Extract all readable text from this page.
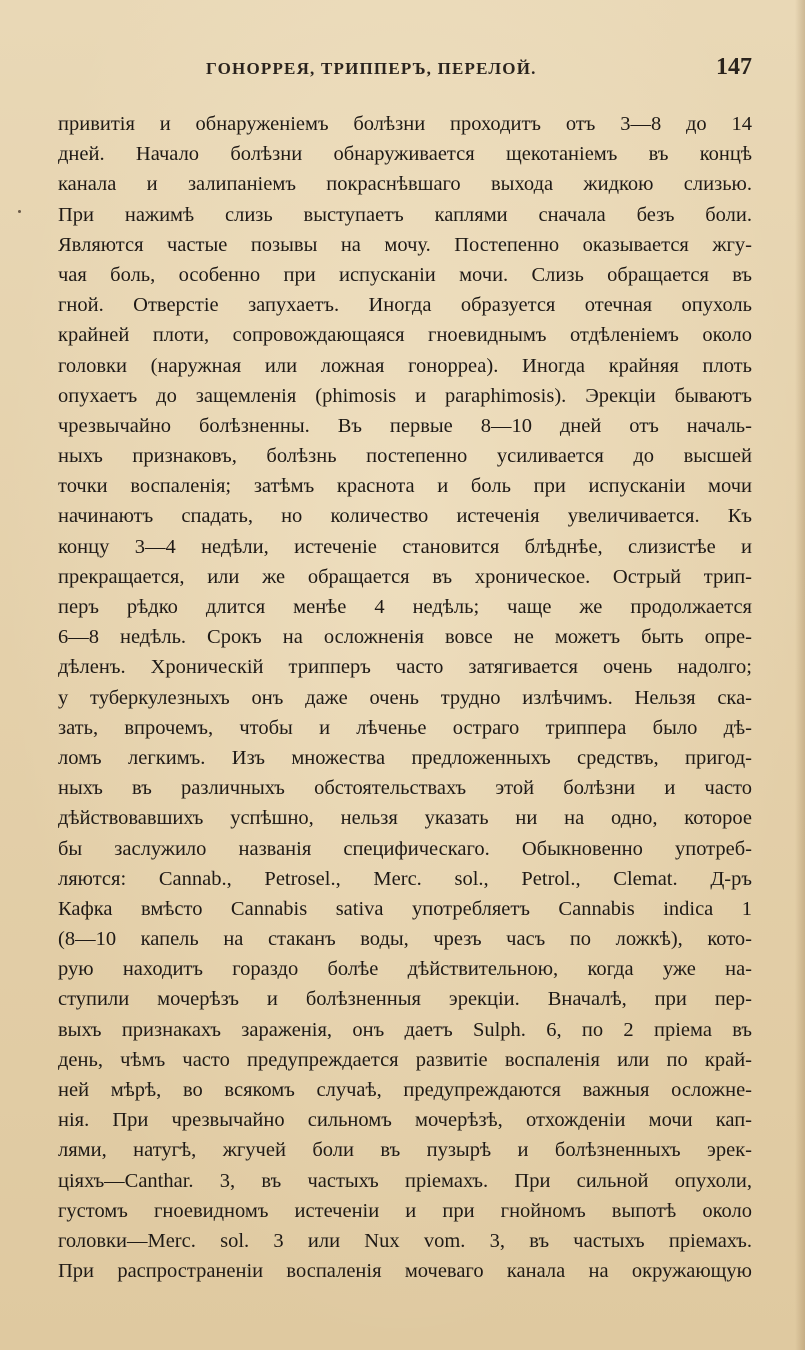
ГОНОРРЕЯ, ТРИППЕРЪ, ПЕРЕЛОЙ.	147
привитія и обнаруженіемъ болѣзни проходитъ отъ 3—8 до 14
дней. Начало болѣзни обнаруживается щекотаніемъ въ концѣ
канала и залипаніемъ покраснѣвшаго выхода жидкою слизью.
При нажимѣ слизь выступаетъ каплями сначала безъ боли.
Являются частые позывы на мочу. Постепенно оказывается жгу-
чая боль, особенно при испусканіи мочи. Слизь обращается въ
гной. Отверстіе запухаетъ. Иногда образуется отечная опухоль
крайней плоти, сопровождающаяся гноевиднымъ отдѣленіемъ около
головки (наружная или ложная гонорреа). Иногда крайняя плоть
опухаетъ до защемленія (phimosis и paraphimosis). Эрекціи бываютъ
чрезвычайно болѣзненны. Въ первые 8—10 дней отъ началь-
ныхъ признаковъ, болѣзнь постепенно усиливается до высшей
точки воспаленія; затѣмъ краснота и боль при испусканіи мочи
начинаютъ спадать, но количество истеченія увеличивается. Къ
концу 3—4 недѣли, истеченіе становится блѣднѣе, слизистѣе и
прекращается, или же обращается въ хроническое. Острый трип-
перъ рѣдко длится менѣе 4 недѣль; чаще же продолжается
6—8 недѣль. Срокъ на осложненія вовсе не можетъ быть опре-
дѣленъ. Хроническій трипперъ часто затягивается очень надолго;
у туберкулезныхъ онъ даже очень трудно излѣчимъ. Нельзя ска-
зать, впрочемъ, чтобы и лѣченье остраго триппера было дѣ-
ломъ легкимъ. Изъ множества предложенныхъ средствъ, пригод-
ныхъ въ различныхъ обстоятельствахъ этой болѣзни и часто
дѣйствовавшихъ успѣшно, нельзя указать ни на одно, которое
бы заслужило названія специфическаго. Обыкновенно употреб-
ляются: Cannab., Petrosel., Merc. sol., Petrol., Clemat. Д-ръ
Кафка вмѣсто Cannabis sativa употребляетъ Cannabis indica 1
(8—10 капель на стаканъ воды, чрезъ часъ по ложкѣ), кото-
рую находитъ гораздо болѣе дѣйствительною, когда уже на-
ступили мочерѣзъ и болѣзненныя эрекціи. Вначалѣ, при пер-
выхъ признакахъ зараженія, онъ даетъ Sulph. 6, по 2 пріема въ
день, чѣмъ часто предупреждается развитіе воспаленія или по край-
ней мѣрѣ, во всякомъ случаѣ, предупреждаются важныя осложне-
нія. При чрезвычайно сильномъ мочерѣзѣ, отхожденіи мочи кап-
лями, натугѣ, жгучей боли въ пузырѣ и болѣзненныхъ эрек-
ціяхъ—Canthar. 3, въ частыхъ пріемахъ. При сильной опухоли,
густомъ гноевидномъ истеченіи и при гнойномъ выпотѣ около
головки—Merc. sol. 3 или Nux vom. 3, въ частыхъ пріемахъ.
При распространеніи воспаленія мочеваго канала на окружающую
